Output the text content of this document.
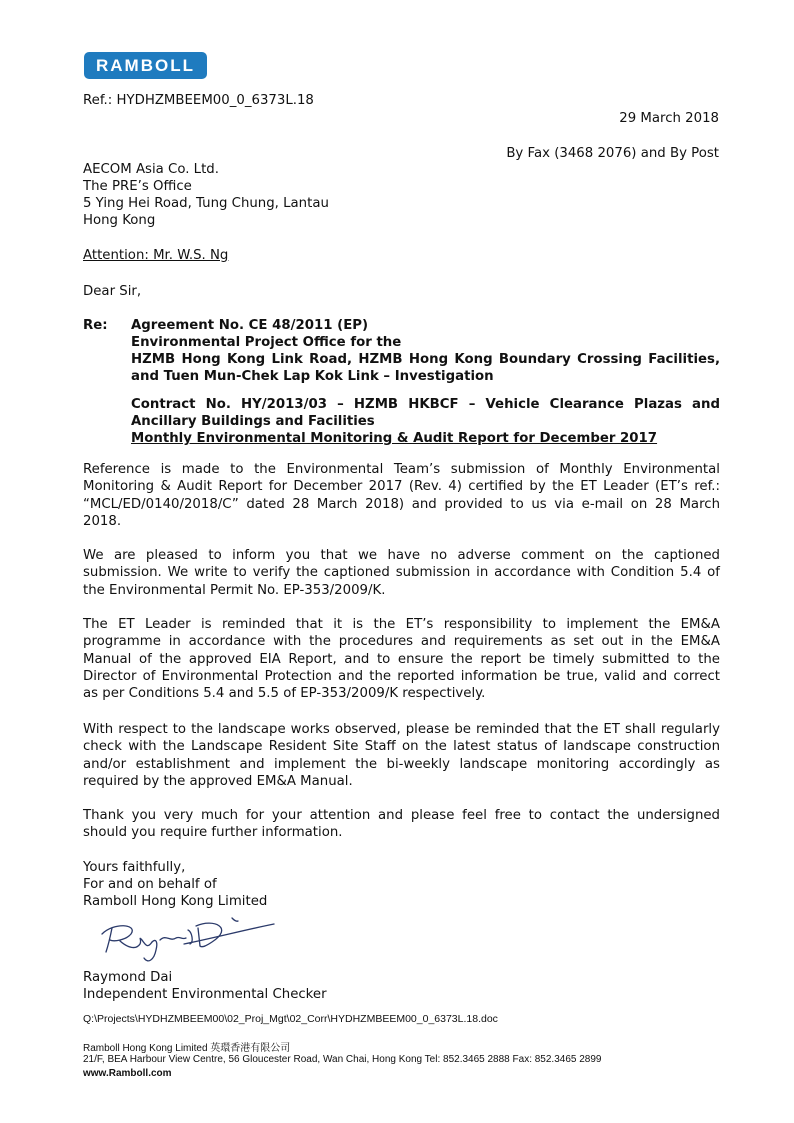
RAMBOLL
Ref.: HYDHZMBEEM00_0_6373L.18
29 March 2018
By Fax (3468 2076) and By Post
AECOM Asia Co. Ltd.
The PRE’s Office
5 Ying Hei Road, Tung Chung, Lantau
Hong Kong
Attention: Mr. W.S. Ng
Dear Sir,
Re: Agreement No. CE 48/2011 (EP)
Environmental Project Office for the
HZMB Hong Kong Link Road, HZMB Hong Kong Boundary Crossing Facilities,
and Tuen Mun-Chek Lap Kok Link – Investigation
Contract No. HY/2013/03 – HZMB HKBCF – Vehicle Clearance Plazas and
Ancillary Buildings and Facilities
Monthly Environmental Monitoring & Audit Report for December 2017
Reference is made to the Environmental Team’s submission of Monthly Environmental
Monitoring & Audit Report for December 2017 (Rev. 4) certified by the ET Leader (ET’s ref.:
“MCL/ED/0140/2018/C” dated 28 March 2018) and provided to us via e-mail on 28 March
2018.
We are pleased to inform you that we have no adverse comment on the captioned
submission. We write to verify the captioned submission in accordance with Condition 5.4 of
the Environmental Permit No. EP-353/2009/K.
The ET Leader is reminded that it is the ET’s responsibility to implement the EM&A
programme in accordance with the procedures and requirements as set out in the EM&A
Manual of the approved EIA Report, and to ensure the report be timely submitted to the
Director of Environmental Protection and the reported information be true, valid and correct
as per Conditions 5.4 and 5.5 of EP-353/2009/K respectively.
With respect to the landscape works observed, please be reminded that the ET shall regularly
check with the Landscape Resident Site Staff on the latest status of landscape construction
and/or establishment and implement the bi-weekly landscape monitoring accordingly as
required by the approved EM&A Manual.
Thank you very much for your attention and please feel free to contact the undersigned
should you require further information.
Yours faithfully,
For and on behalf of
Ramboll Hong Kong Limited
Raymond Dai
Independent Environmental Checker
Q:\Projects\HYDHZMBEEM00\02_Proj_Mgt\02_Corr\HYDHZMBEEM00_0_6373L.18.doc
Ramboll Hong Kong Limited 英環香港有限公司
21/F, BEA Harbour View Centre, 56 Gloucester Road, Wan Chai, Hong Kong Tel: 852.3465 2888 Fax: 852.3465 2899
www.Ramboll.com
